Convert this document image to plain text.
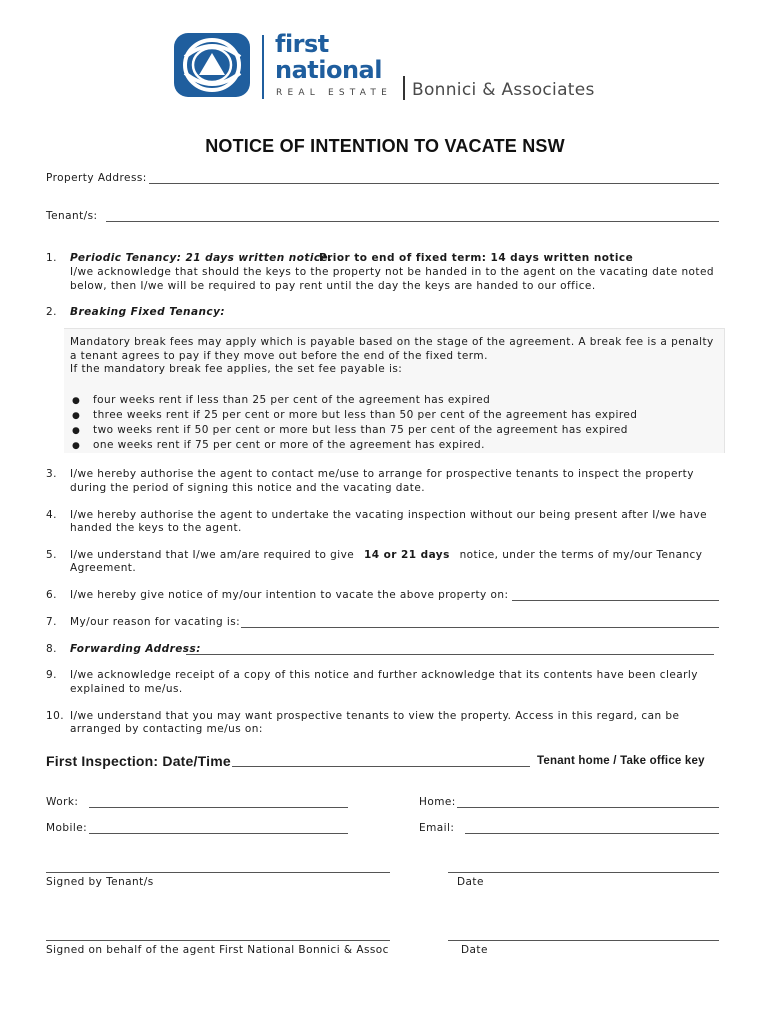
first
national
REAL ESTATE Bonnici & Associates
NOTICE OF INTENTION TO VACATE NSW
Property Address:
Tenant/s:
1. Periodic Tenancy: 21 days written notice.
Prior to end of fixed term: 14 days written notice
I/we acknowledge that should the keys to the property not be handed in to the agent on the vacating date noted
below, then I/we will be required to pay rent until the day the keys are handed to our office.
2. Breaking Fixed Tenancy:
Mandatory break fees may apply which is payable based on the stage of the agreement. A break fee is a penalty
a tenant agrees to pay if they move out before the end of the fixed term.
If the mandatory break fee applies, the set fee payable is:
● four weeks rent if less than 25 per cent of the agreement has expired
● three weeks rent if 25 per cent or more but less than 50 per cent of the agreement has expired
● two weeks rent if 50 per cent or more but less than 75 per cent of the agreement has expired
● one weeks rent if 75 per cent or more of the agreement has expired.
3. I/we hereby authorise the agent to contact me/use to arrange for prospective tenants to inspect the property
during the period of signing this notice and the vacating date.
4. I/we hereby authorise the agent to undertake the vacating inspection without our being present after I/we have
handed the keys to the agent.
5. I/we understand that I/we am/are required to give 14 or 21 days notice, under the terms of my/our Tenancy
Agreement.
6. I/we hereby give notice of my/our intention to vacate the above property on:
7. My/our reason for vacating is:
8. Forwarding Address:
9. I/we acknowledge receipt of a copy of this notice and further acknowledge that its contents have been clearly
explained to me/us.
10. I/we understand that you may want prospective tenants to view the property. Access in this regard, can be
arranged by contacting me/us on:
First Inspection: Date/Time	Tenant home / Take office key
Work:	Home:
Mobile:	Email:
Signed by Tenant/s	Date
Signed on behalf of the agent First National Bonnici & Assoc	Date
